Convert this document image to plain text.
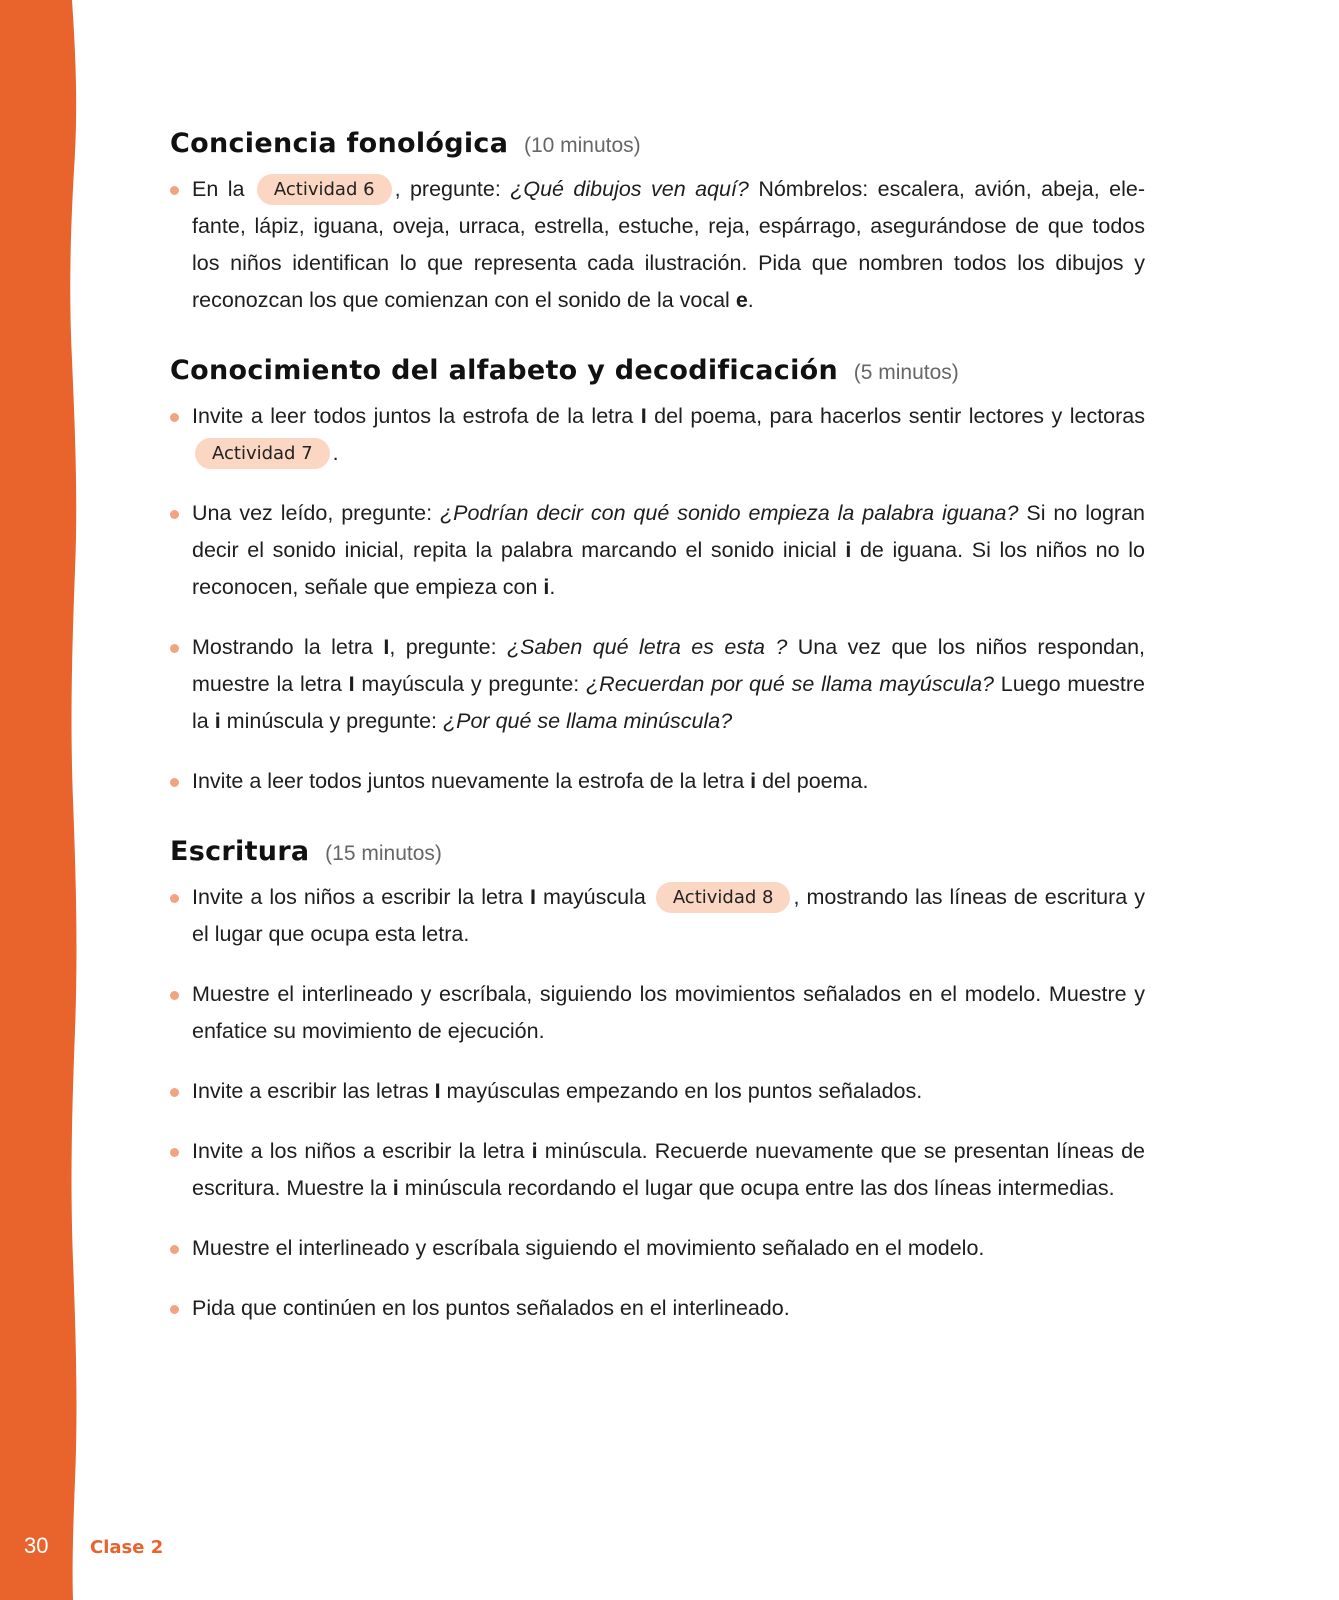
30 Clase 2
Conciencia fonológica (10 minutos)
En la Actividad 6 , pregunte: ¿Qué dibujos ven aquí? Nómbrelos: escalera, avión, abeja, elefante, lápiz, iguana, oveja, urraca, estrella, estuche, reja, espárrago, asegurándose de que todos los niños identifican lo que representa cada ilustración. Pida que nombren todos los dibujos y reconozcan los que comienzan con el sonido de la vocal e.
Conocimiento del alfabeto y decodificación (5 minutos)
Invite a leer todos juntos la estrofa de la letra I del poema, para hacerlos sentir lectores y lectoras Actividad 7 .
Una vez leído, pregunte: ¿Podrían decir con qué sonido empieza la palabra iguana? Si no logran decir el sonido inicial, repita la palabra marcando el sonido inicial i de iguana. Si los niños no lo reconocen, señale que empieza con i.
Mostrando la letra I, pregunte: ¿Saben qué letra es esta ? Una vez que los niños respondan, muestre la letra I mayúscula y pregunte: ¿Recuerdan por qué se llama mayúscula? Luego muestre la i minúscula y pregunte: ¿Por qué se llama minúscula?
Invite a leer todos juntos nuevamente la estrofa de la letra i del poema.
Escritura (15 minutos)
Invite a los niños a escribir la letra I mayúscula Actividad 8 , mostrando las líneas de escritura y el lugar que ocupa esta letra.
Muestre el interlineado y escríbala, siguiendo los movimientos señalados en el modelo. Muestre y enfatice su movimiento de ejecución.
Invite a escribir las letras I mayúsculas empezando en los puntos señalados.
Invite a los niños a escribir la letra i minúscula. Recuerde nuevamente que se presentan líneas de escritura. Muestre la i minúscula recordando el lugar que ocupa entre las dos líneas intermedias.
Muestre el interlineado y escríbala siguiendo el movimiento señalado en el modelo.
Pida que continúen en los puntos señalados en el interlineado.
